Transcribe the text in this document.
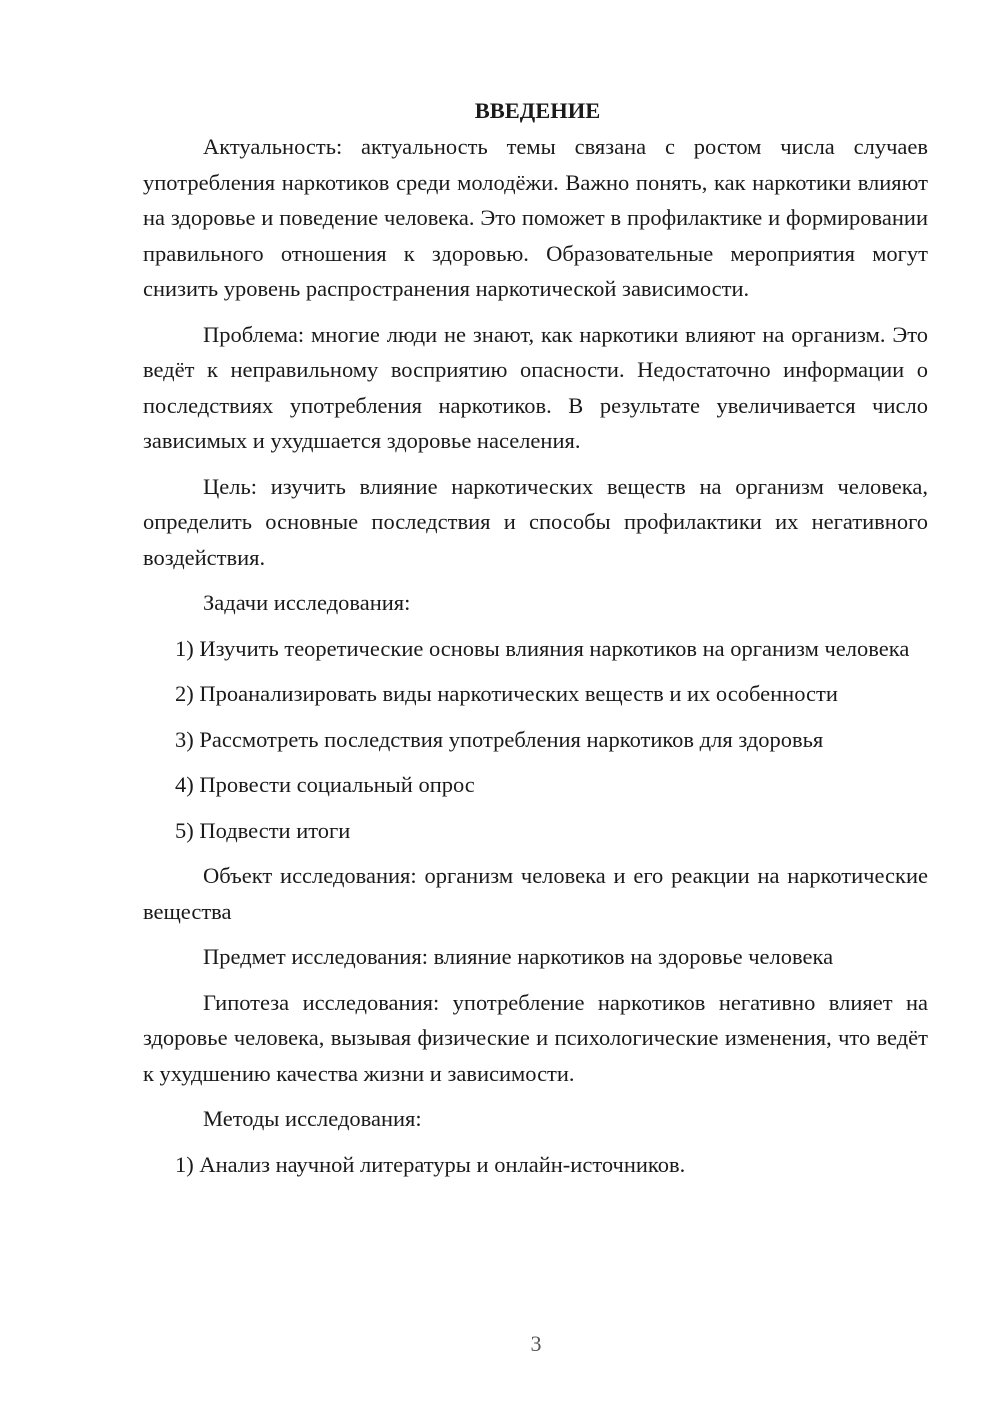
ВВЕДЕНИЕ

Актуальность: актуальность темы связана с ростом числа случаев употребления наркотиков среди молодёжи. Важно понять, как наркотики влияют на здоровье и поведение человека. Это поможет в профилактике и формировании правильного отношения к здоровью. Образовательные мероприятия могут снизить уровень распространения наркотической зависимости.

Проблема: многие люди не знают, как наркотики влияют на организм. Это ведёт к неправильному восприятию опасности. Недостаточно информации о последствиях употребления наркотиков. В результате увеличивается число зависимых и ухудшается здоровье населения.

Цель: изучить влияние наркотических веществ на организм человека, определить основные последствия и способы профилактики их негативного воздействия.

Задачи исследования:

1) Изучить теоретические основы влияния наркотиков на организм человека

2) Проанализировать виды наркотических веществ и их особенности

3) Рассмотреть последствия употребления наркотиков для здоровья

4) Провести социальный опрос

5) Подвести итоги

Объект исследования: организм человека и его реакции на наркотические вещества

Предмет исследования: влияние наркотиков на здоровье человека

Гипотеза исследования: употребление наркотиков негативно влияет на здоровье человека, вызывая физические и психологические изменения, что ведёт к ухудшению качества жизни и зависимости.

Методы исследования:

1) Анализ научной литературы и онлайн-источников.

3
